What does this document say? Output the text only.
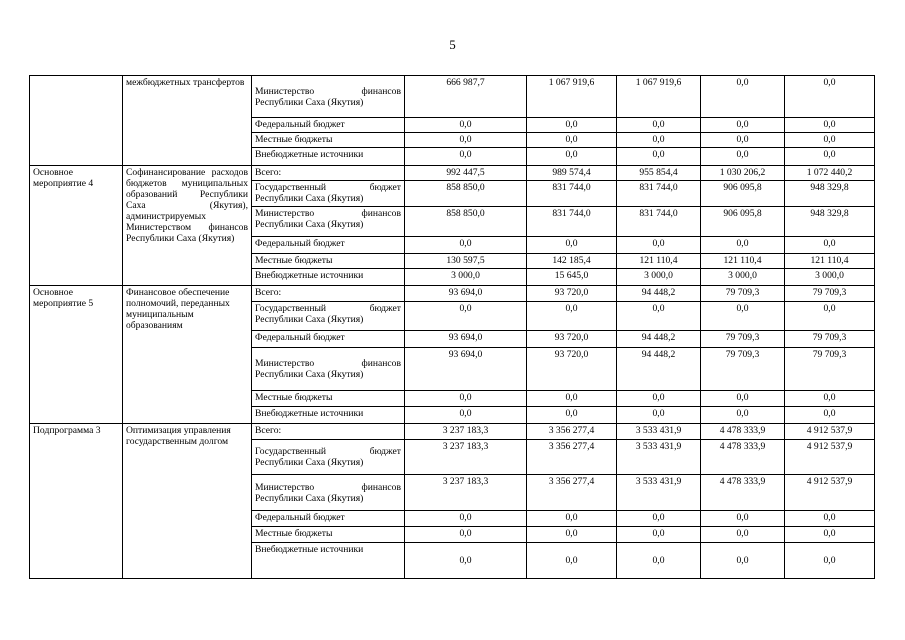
5
	межбюджетных трансфертов	Министерство финансов Республики Саха (Якутия)	666 987,7	1 067 919,6	1 067 919,6	0,0	0,0
		Федеральный бюджет	0,0	0,0	0,0	0,0	0,0
		Местные бюджеты	0,0	0,0	0,0	0,0	0,0
		Внебюджетные источники	0,0	0,0	0,0	0,0	0,0
Основное мероприятие 4	Софинансирование расходов бюджетов муниципальных образований Республики Саха (Якутия), администрируемых Министерством финансов Республики Саха (Якутия)	Всего:	992 447,5	989 574,4	955 854,4	1 030 206,2	1 072 440,2
		Государственный бюджет Республики Саха (Якутия)	858 850,0	831 744,0	831 744,0	906 095,8	948 329,8
		Министерство финансов Республики Саха (Якутия)	858 850,0	831 744,0	831 744,0	906 095,8	948 329,8
		Федеральный бюджет	0,0	0,0	0,0	0,0	0,0
		Местные бюджеты	130 597,5	142 185,4	121 110,4	121 110,4	121 110,4
		Внебюджетные источники	3 000,0	15 645,0	3 000,0	3 000,0	3 000,0
Основное мероприятие 5	Финансовое обеспечение полномочий, переданных муниципальным образованиям	Всего:	93 694,0	93 720,0	94 448,2	79 709,3	79 709,3
		Государственный бюджет Республики Саха (Якутия)	0,0	0,0	0,0	0,0	0,0
		Федеральный бюджет	93 694,0	93 720,0	94 448,2	79 709,3	79 709,3
		Министерство финансов Республики Саха (Якутия)	93 694,0	93 720,0	94 448,2	79 709,3	79 709,3
		Местные бюджеты	0,0	0,0	0,0	0,0	0,0
		Внебюджетные источники	0,0	0,0	0,0	0,0	0,0
Подпрограмма 3	Оптимизация управления государственным долгом	Всего:	3 237 183,3	3 356 277,4	3 533 431,9	4 478 333,9	4 912 537,9
		Государственный бюджет Республики Саха (Якутия)	3 237 183,3	3 356 277,4	3 533 431,9	4 478 333,9	4 912 537,9
		Министерство финансов Республики Саха (Якутия)	3 237 183,3	3 356 277,4	3 533 431,9	4 478 333,9	4 912 537,9
		Федеральный бюджет	0,0	0,0	0,0	0,0	0,0
		Местные бюджеты	0,0	0,0	0,0	0,0	0,0
		Внебюджетные источники	0,0	0,0	0,0	0,0	0,0
